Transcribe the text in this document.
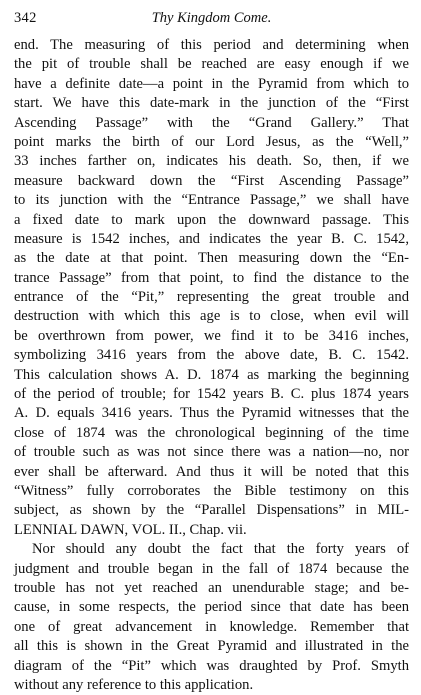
342	Thy Kingdom Come.
end. The measuring of this period and determining when
the pit of trouble shall be reached are easy enough if we
have a definite date—a point in the Pyramid from which to
start. We have this date-mark in the junction of the “First
Ascending Passage” with the “Grand Gallery.” That
point marks the birth of our Lord Jesus, as the “Well,”
33 inches farther on, indicates his death. So, then, if we
measure backward down the “First Ascending Passage”
to its junction with the “Entrance Passage,” we shall have
a fixed date to mark upon the downward passage. This
measure is 1542 inches, and indicates the year B. C. 1542,
as the date at that point. Then measuring down the “En-
trance Passage” from that point, to find the distance to the
entrance of the “Pit,” representing the great trouble and
destruction with which this age is to close, when evil will
be overthrown from power, we find it to be 3416 inches,
symbolizing 3416 years from the above date, B. C. 1542.
This calculation shows A. D. 1874 as marking the beginning
of the period of trouble; for 1542 years B. C. plus 1874 years
A. D. equals 3416 years. Thus the Pyramid witnesses that the
close of 1874 was the chronological beginning of the time
of trouble such as was not since there was a nation—no, nor
ever shall be afterward. And thus it will be noted that this
“Witness” fully corroborates the Bible testimony on this
subject, as shown by the “Parallel Dispensations” in MIL-
LENNIAL DAWN, VOL. II., Chap. vii.
Nor should any doubt the fact that the forty years of
judgment and trouble began in the fall of 1874 because the
trouble has not yet reached an unendurable stage; and be-
cause, in some respects, the period since that date has been
one of great advancement in knowledge. Remember that
all this is shown in the Great Pyramid and illustrated in the
diagram of the “Pit” which was draughted by Prof. Smyth
without any reference to this application.
